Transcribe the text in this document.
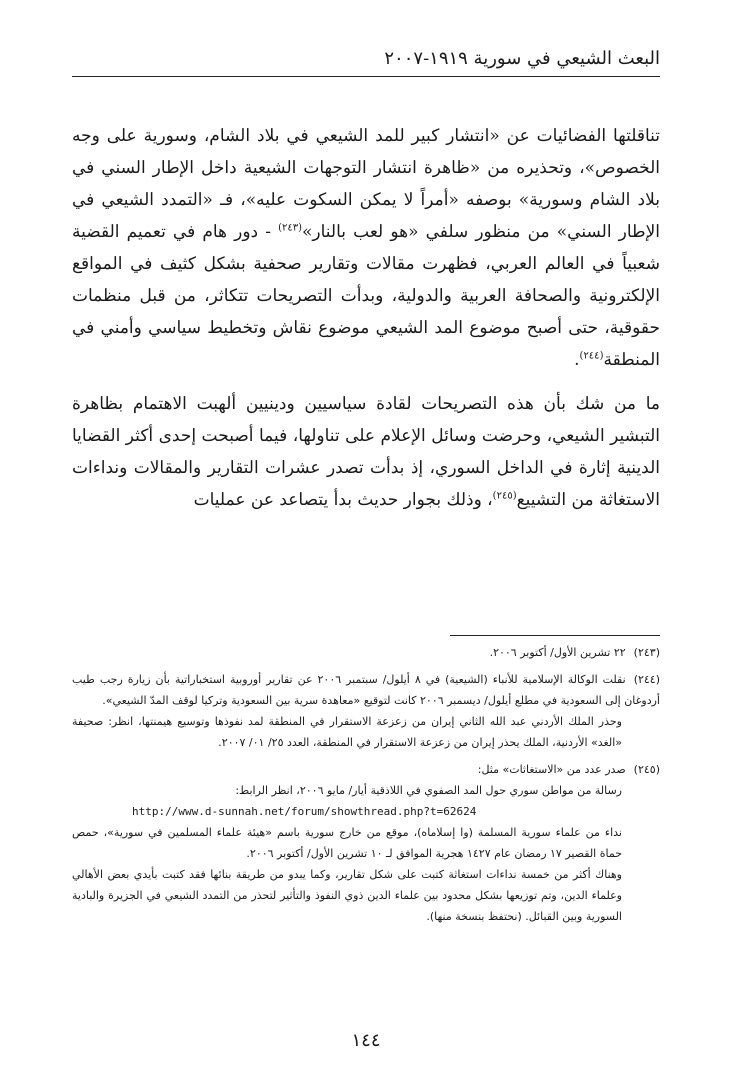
البعث الشيعي في سورية ١٩١٩-٢٠٠٧

تناقلتها الفضائيات عن «انتشار كبير للمد الشيعي في بلاد الشام، وسورية على وجه الخصوص»، وتحذيره من «ظاهرة انتشار التوجهات الشيعية داخل الإطار السني في بلاد الشام وسورية» بوصفه «أمراً لا يمكن السكوت عليه»، فـ «التمدد الشيعي في الإطار السني» من منظور سلفي «هو لعب بالنار»$^{(٢٤٣)}$ - دور هام في تعميم القضية شعبياً في العالم العربي، فظهرت مقالات وتقارير صحفية بشكل كثيف في المواقع الإلكترونية والصحافة العربية والدولية، وبدأت التصريحات تتكاثر، من قبل منظمات حقوقية، حتى أصبح موضوع المد الشيعي موضوع نقاش وتخطيط سياسي وأمني في المنطقة$^{(٢٤٤)}$.

ما من شك بأن هذه التصريحات لقادة سياسيين ودينيين ألهبت الاهتمام بظاهرة التبشير الشيعي، وحرضت وسائل الإعلام على تناولها، فيما أصبحت إحدى أكثر القضايا الدينية إثارة في الداخل السوري، إذ بدأت تصدر عشرات التقارير والمقالات ونداءات الاستغاثة من التشييع$^{(٢٤٥)}$، وذلك بجوار حديث بدأ يتصاعد عن عمليات

(٢٤٣)٢٢ تشرين الأول/ أكتوبر ٢٠٠٦.
(٢٤٤)نقلت الوكالة الإسلامية للأنباء (الشيعية) في ٨ أيلول/ سبتمبر ٢٠٠٦ عن تقارير أوروبية استخباراتية بأن زيارة رجب طيب أردوغان إلى السعودية في مطلع أيلول/ ديسمبر ٢٠٠٦ كانت لتوقيع «معاهدة سرية بين السعودية وتركيا لوقف المدّ الشيعي».
وحذر الملك الأردني عبد الله الثاني إيران من زعزعة الاستقرار في المنطقة لمد نفوذها وتوسيع هيمنتها، انظر: صحيفة «الغد» الأردنية، الملك يحذر إيران من زعزعة الاستقرار في المنطقة، العدد ٢٥/ ٠١/ ٢٠٠٧.
(٢٤٥)صدر عدد من «الاستغاثات» مثل:
رسالة من مواطن سوري حول المد الصفوي في اللاذقية أيار/ مايو ٢٠٠٦، انظر الرابط:
http://www.d-sunnah.net/forum/showthread.php?t=62624
نداء من علماء سورية المسلمة (وا إسلاماه)، موقع من خارج سورية باسم «هيئة علماء المسلمين في سورية»، حمص حماة القصير ١٧ رمضان عام ١٤٢٧ هجرية الموافق لـ ١٠ تشرين الأول/ أكتوبر ٢٠٠٦.
وهناك أكثر من خمسة نداءات استغاثة كتبت على شكل تقارير، وكما يبدو من طريقة بنائها فقد كتبت بأيدي بعض الأهالي وعلماء الدين، وتم توزيعها بشكل محدود بين علماء الدين ذوي النفوذ والتأثير لتحذر من التمدد الشيعي في الجزيرة والبادية السورية وبين القبائل. (نحتفظ بنسخة منها).
١٤٤
